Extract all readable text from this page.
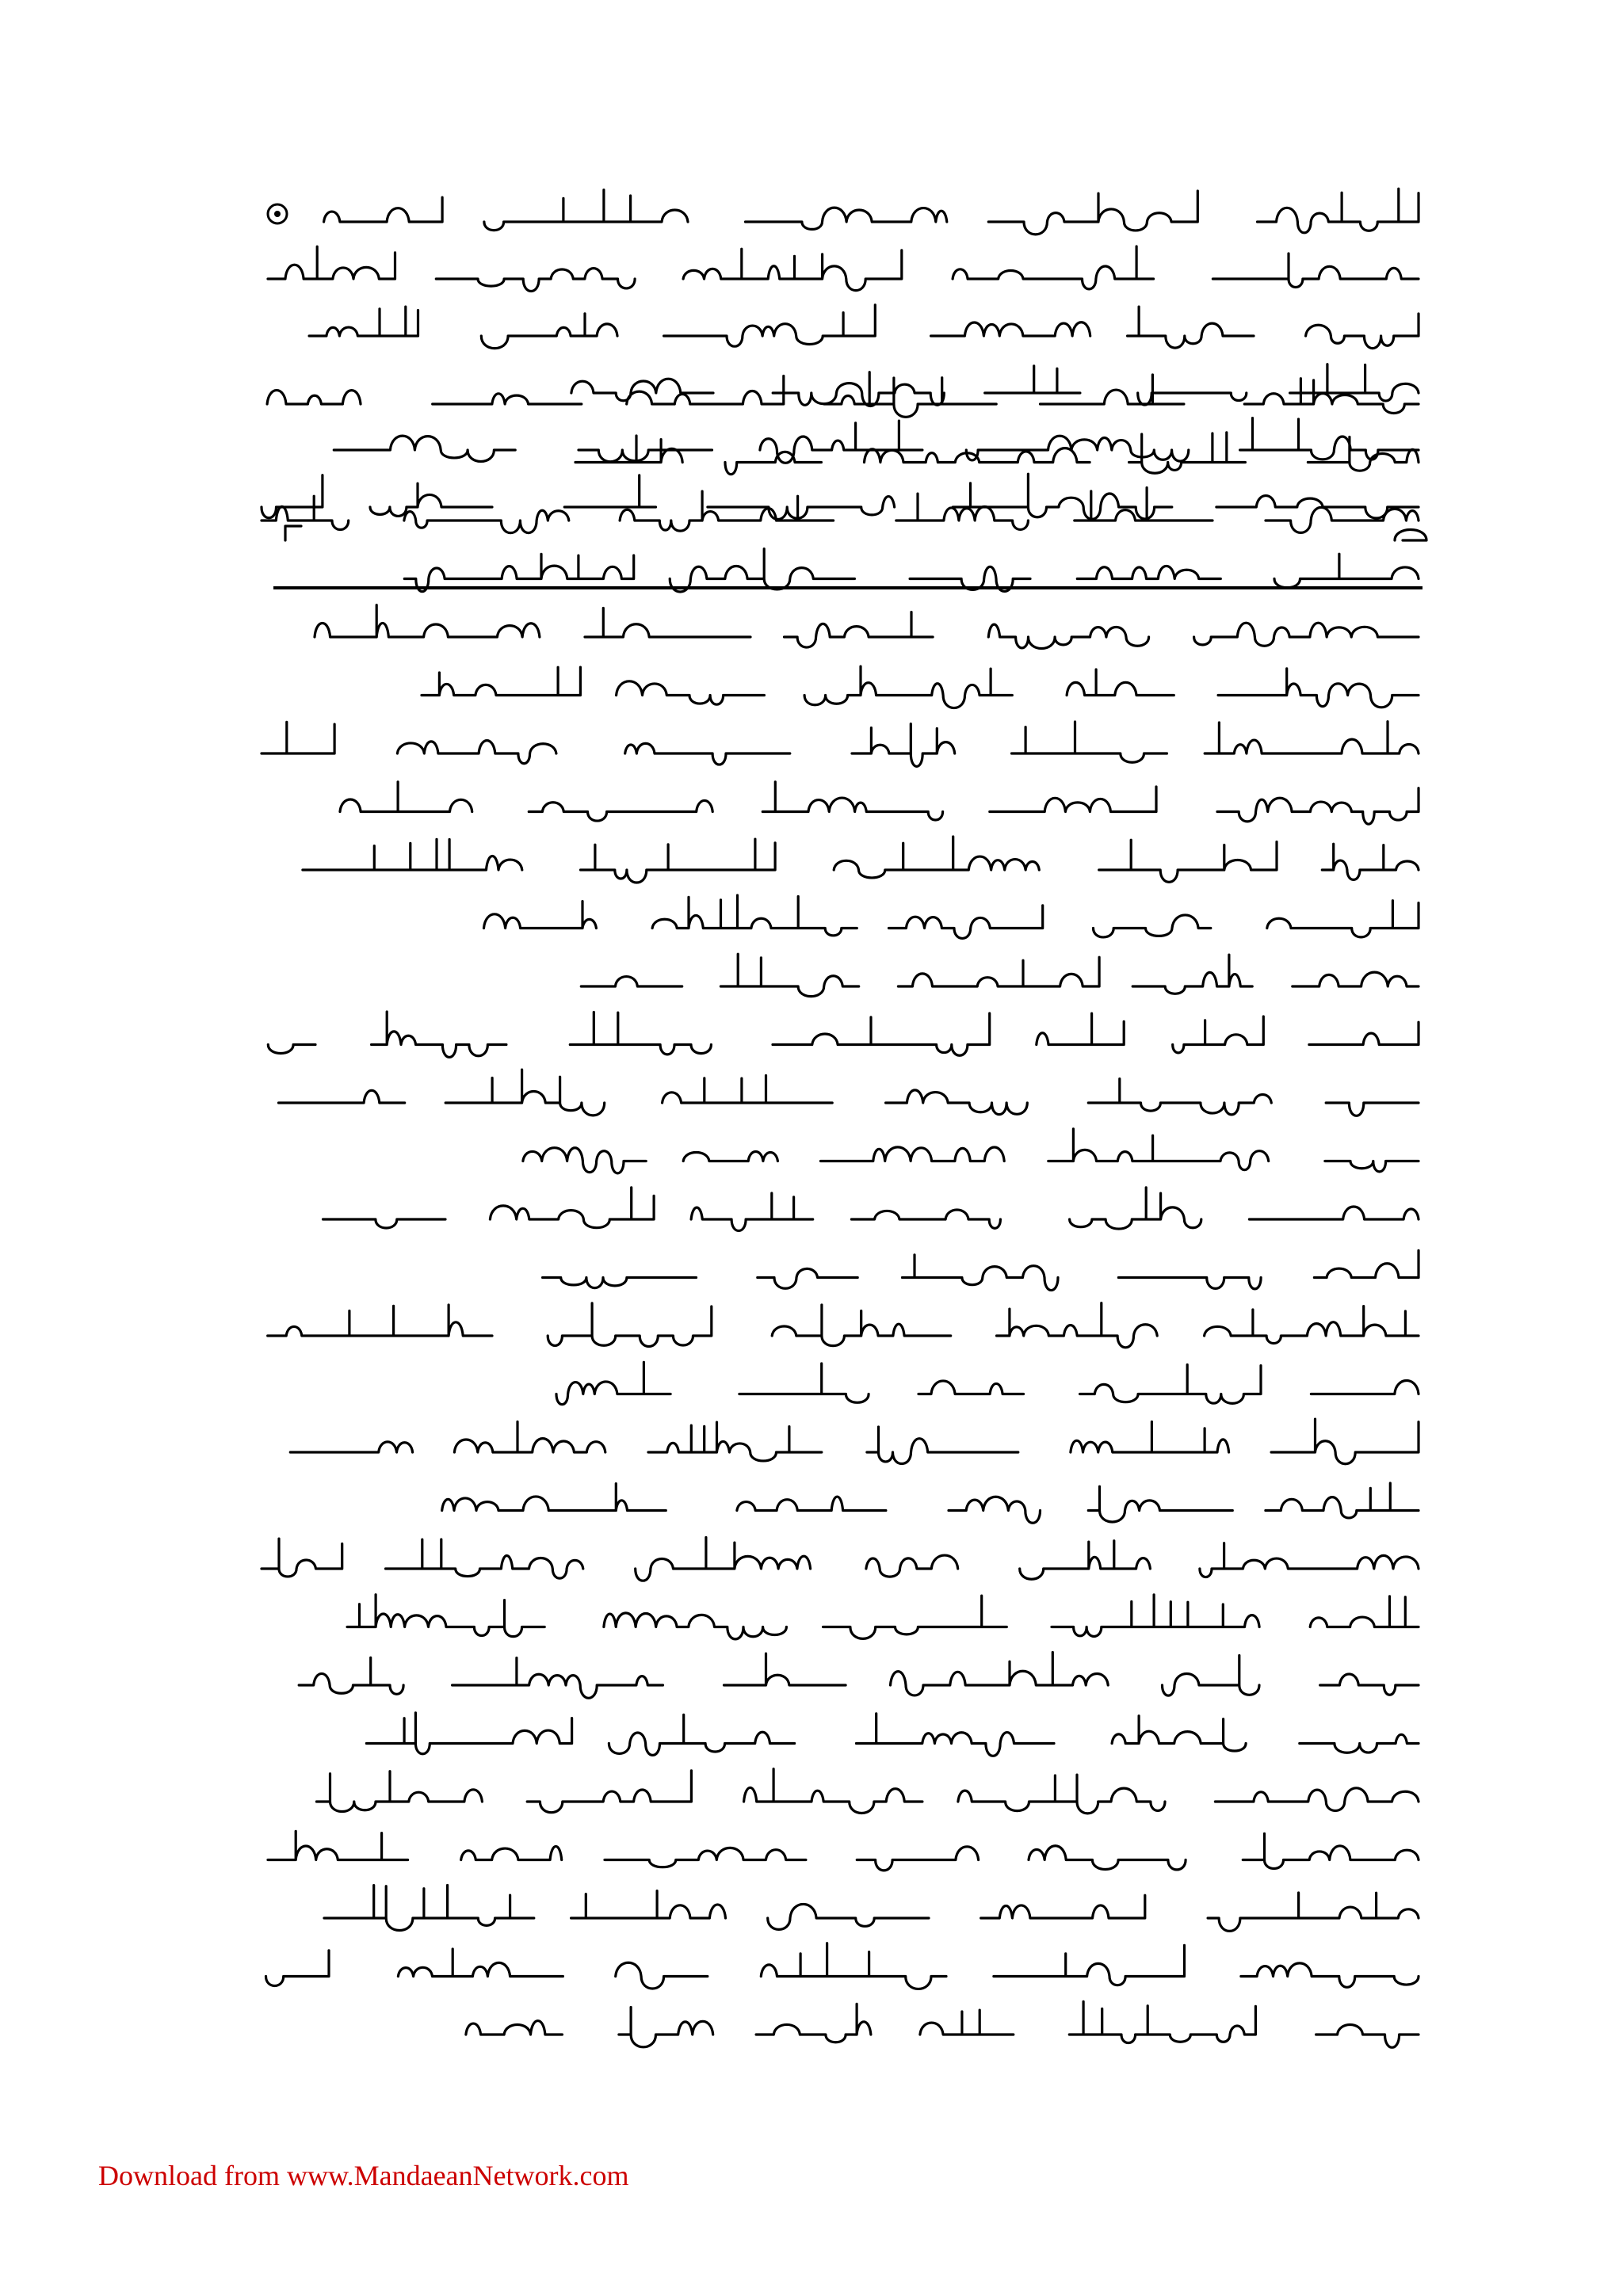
Download from www.MandaeanNetwork.com
